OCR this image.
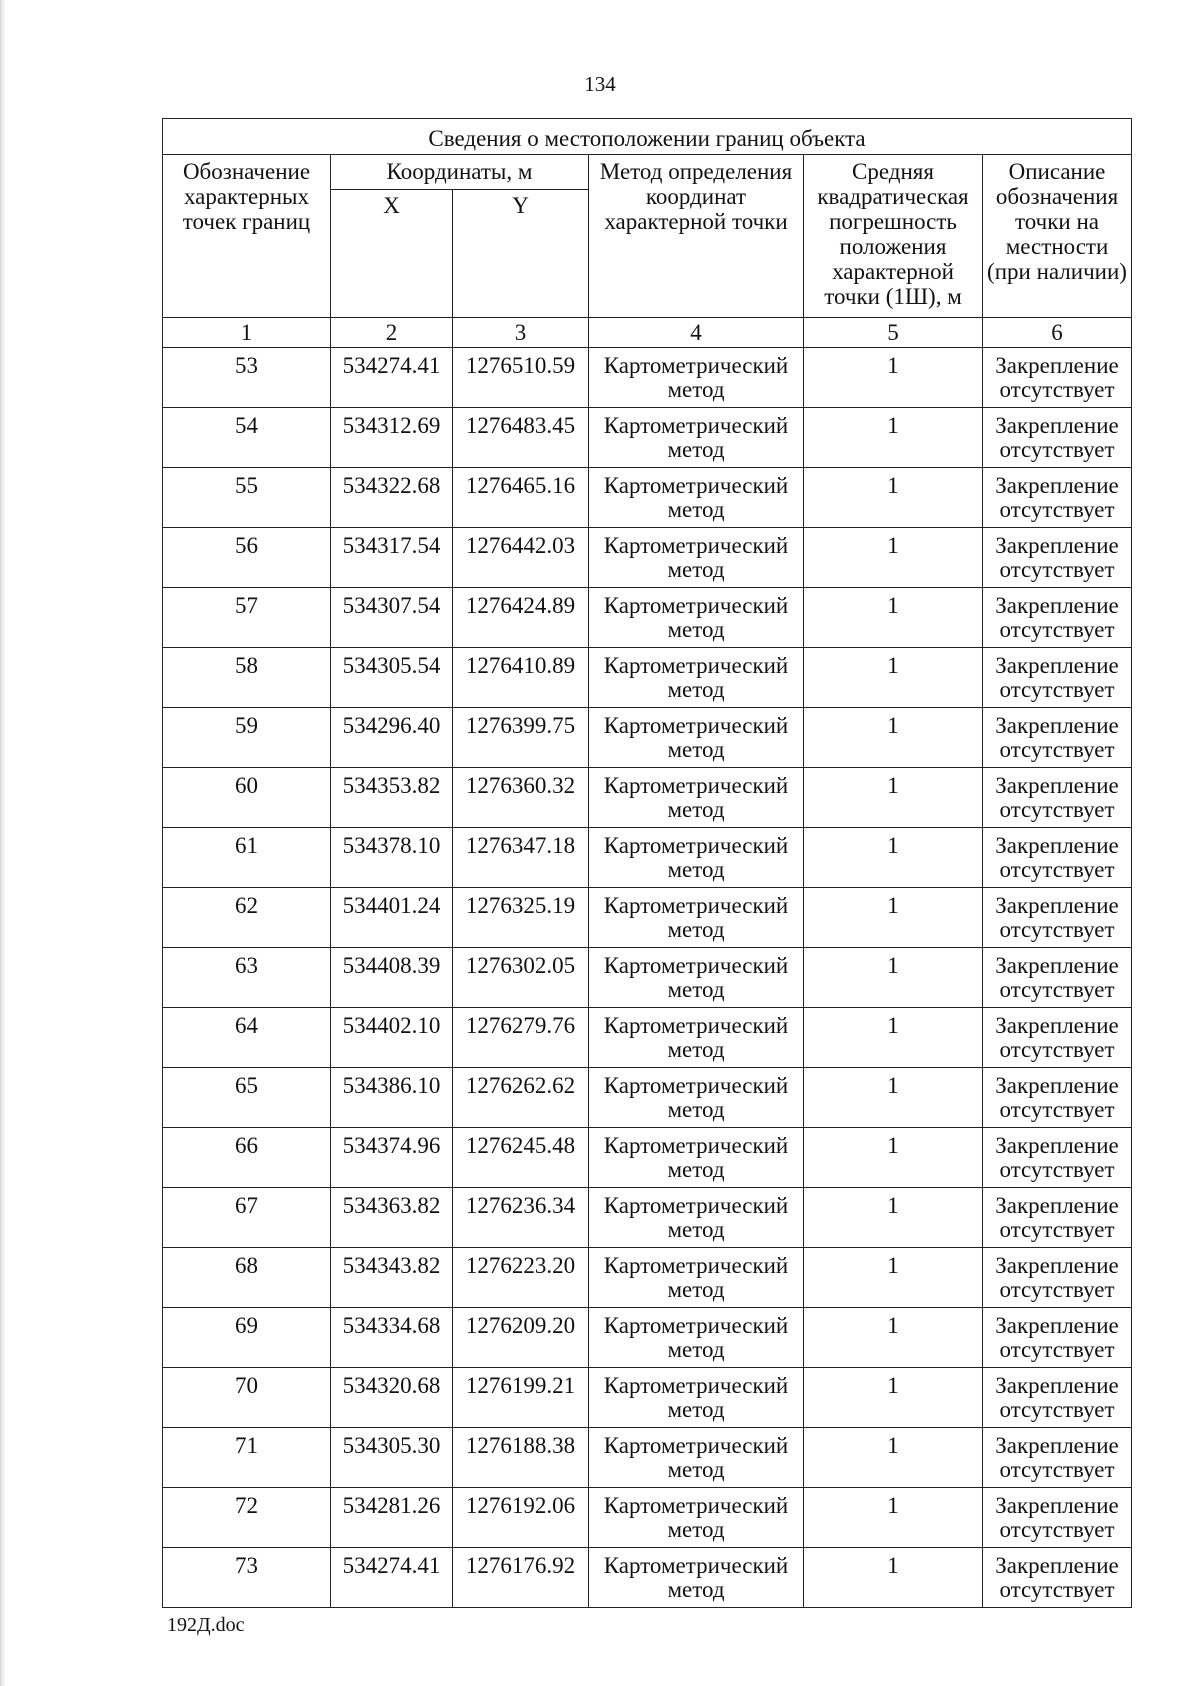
134
Сведения о местоположении границ объекта					
Обозначение характерных точек границ	Координаты, м		Метод определения координат характерной точки	Средняя квадратическая погрешность положения характерной точки (1Ш), м	Описание обозначения точки на местности (при наличии)
	X	Y			
1	2	3	4	5	6
53	534274.41	1276510.59	Картометрический метод	1	Закрепление отсутствует
54	534312.69	1276483.45	Картометрический метод	1	Закрепление отсутствует
55	534322.68	1276465.16	Картометрический метод	1	Закрепление отсутствует
56	534317.54	1276442.03	Картометрический метод	1	Закрепление отсутствует
57	534307.54	1276424.89	Картометрический метод	1	Закрепление отсутствует
58	534305.54	1276410.89	Картометрический метод	1	Закрепление отсутствует
59	534296.40	1276399.75	Картометрический метод	1	Закрепление отсутствует
60	534353.82	1276360.32	Картометрический метод	1	Закрепление отсутствует
61	534378.10	1276347.18	Картометрический метод	1	Закрепление отсутствует
62	534401.24	1276325.19	Картометрический метод	1	Закрепление отсутствует
63	534408.39	1276302.05	Картометрический метод	1	Закрепление отсутствует
64	534402.10	1276279.76	Картометрический метод	1	Закрепление отсутствует
65	534386.10	1276262.62	Картометрический метод	1	Закрепление отсутствует
66	534374.96	1276245.48	Картометрический метод	1	Закрепление отсутствует
67	534363.82	1276236.34	Картометрический метод	1	Закрепление отсутствует
68	534343.82	1276223.20	Картометрический метод	1	Закрепление отсутствует
69	534334.68	1276209.20	Картометрический метод	1	Закрепление отсутствует
70	534320.68	1276199.21	Картометрический метод	1	Закрепление отсутствует
71	534305.30	1276188.38	Картометрический метод	1	Закрепление отсутствует
72	534281.26	1276192.06	Картометрический метод	1	Закрепление отсутствует
73	534274.41	1276176.92	Картометрический метод	1	Закрепление отсутствует
192Д.doc
